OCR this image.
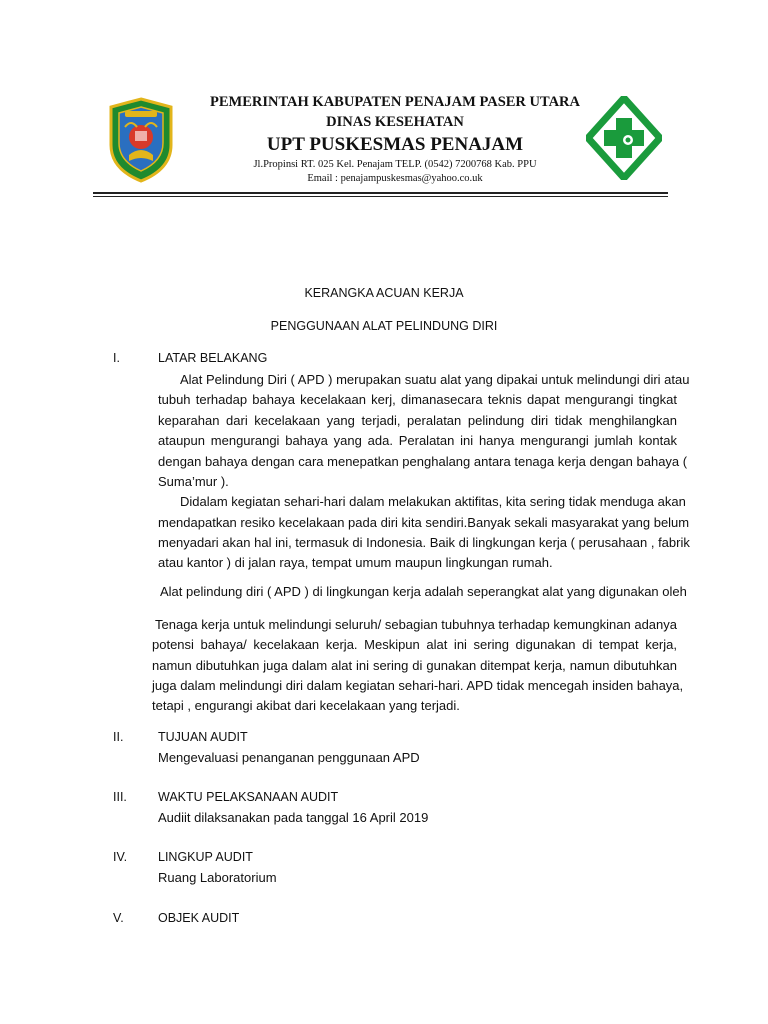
PEMERINTAH KABUPATEN PENAJAM PASER UTARA
DINAS KESEHATAN
UPT PUSKESMAS PENAJAM
Jl.Propinsi RT. 025 Kel. Penajam TELP. (0542) 7200768 Kab. PPU
Email : penajampuskesmas@yahoo.co.uk
KERANGKA ACUAN KERJA
PENGGUNAAN ALAT PELINDUNG DIRI
I.	LATAR BELAKANG
Alat Pelindung Diri ( APD ) merupakan suatu alat yang dipakai untuk melindungi diri atau
tubuh terhadap bahaya kecelakaan kerj, dimanasecara teknis dapat mengurangi tingkat
keparahan dari kecelakaan yang terjadi, peralatan pelindung diri tidak menghilangkan
ataupun mengurangi bahaya yang ada. Peralatan ini hanya mengurangi jumlah kontak
dengan bahaya dengan cara menepatkan penghalang antara tenaga kerja dengan bahaya (
Suma’mur ).
Didalam kegiatan sehari-hari dalam melakukan aktifitas, kita sering tidak menduga akan
mendapatkan resiko kecelakaan pada diri kita sendiri.Banyak sekali masyarakat yang belum
menyadari akan hal ini, termasuk di Indonesia. Baik di lingkungan kerja ( perusahaan , fabrik
atau kantor ) di jalan raya, tempat umum maupun lingkungan rumah.
Alat pelindung diri ( APD ) di lingkungan kerja adalah seperangkat alat yang digunakan oleh
Tenaga kerja untuk melindungi seluruh/ sebagian tubuhnya terhadap kemungkinan adanya
potensi bahaya/ kecelakaan kerja. Meskipun alat ini sering digunakan di tempat kerja,
namun dibutuhkan juga dalam alat ini sering di gunakan ditempat kerja, namun dibutuhkan
juga dalam melindungi diri dalam kegiatan sehari-hari. APD tidak mencegah insiden bahaya,
tetapi , engurangi akibat dari kecelakaan yang terjadi.
II.	TUJUAN AUDIT
Mengevaluasi penanganan penggunaan APD
III. WAKTU PELAKSANAAN AUDIT
Audiit dilaksanakan pada tanggal 16 April 2019
IV. LINGKUP AUDIT
Ruang Laboratorium
V.	OBJEK AUDIT
